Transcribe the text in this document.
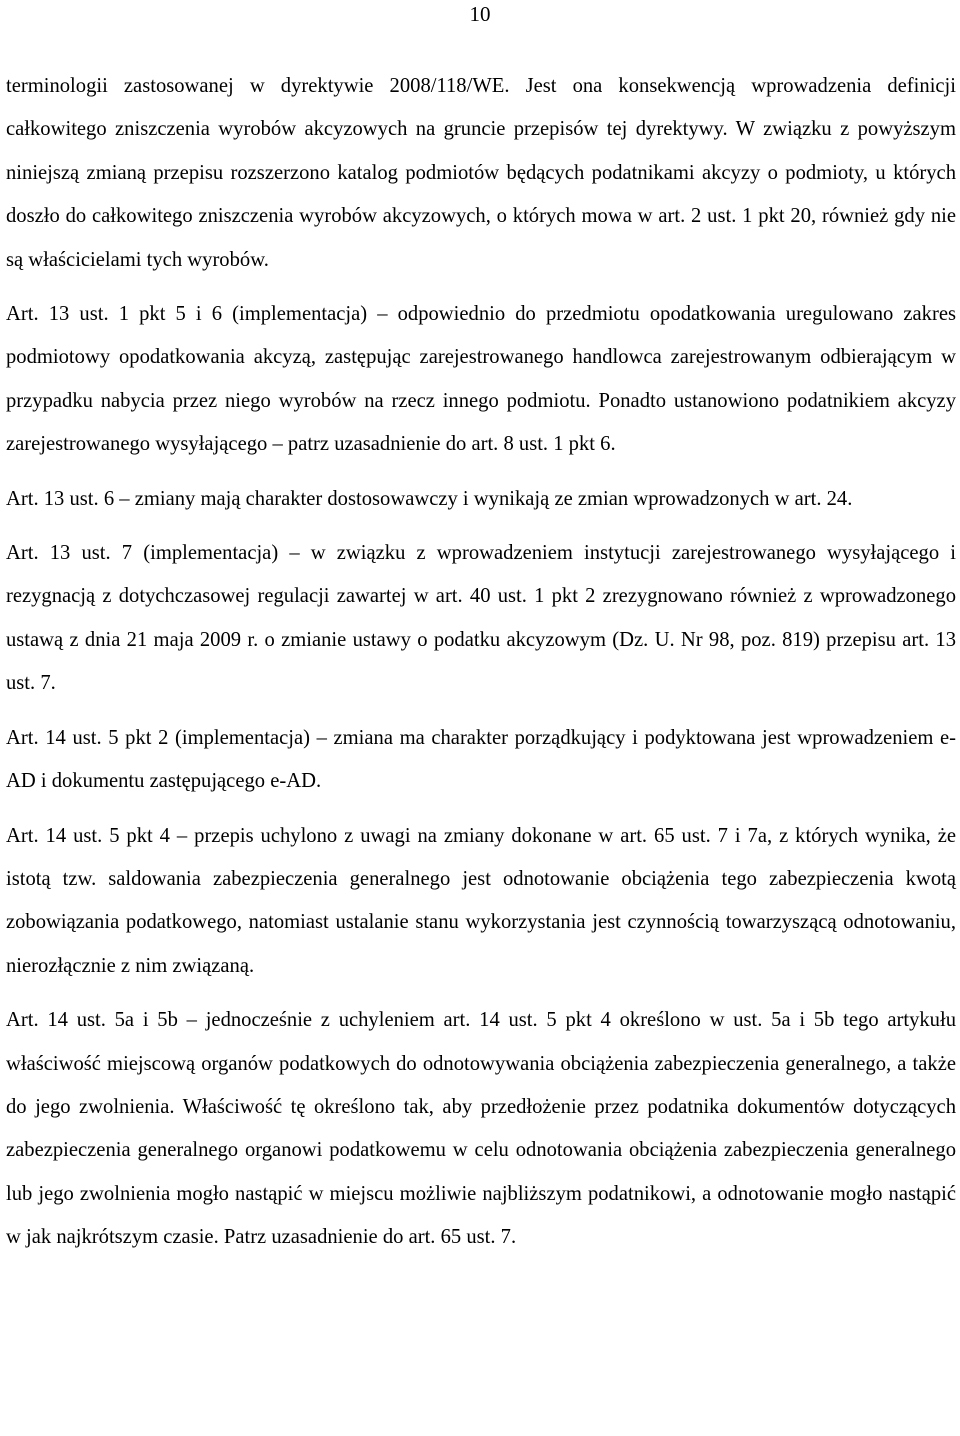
10

terminologii zastosowanej w dyrektywie 2008/118/WE. Jest ona konsekwencją wprowadzenia definicji całkowitego zniszczenia wyrobów akcyzowych na gruncie przepisów tej dyrektywy. W związku z powyższym niniejszą zmianą przepisu rozszerzono katalog podmiotów będących podatnikami akcyzy o podmioty, u których doszło do całkowitego zniszczenia wyrobów akcyzowych, o których mowa w art. 2 ust. 1 pkt 20, również gdy nie są właścicielami tych wyrobów.

Art. 13 ust. 1 pkt 5 i 6 (implementacja) – odpowiednio do przedmiotu opodatkowania uregulowano zakres podmiotowy opodatkowania akcyzą, zastępując zarejestrowanego handlowca zarejestrowanym odbierającym w przypadku nabycia przez niego wyrobów na rzecz innego podmiotu. Ponadto ustanowiono podatnikiem akcyzy zarejestrowanego wysyłającego – patrz uzasadnienie do art. 8 ust. 1 pkt 6.

Art. 13 ust. 6 – zmiany mają charakter dostosowawczy i wynikają ze zmian wprowadzonych w art. 24.

Art. 13 ust. 7 (implementacja) – w związku z wprowadzeniem instytucji zarejestrowanego wysyłającego i rezygnacją z dotychczasowej regulacji zawartej w art. 40 ust. 1 pkt 2 zrezygnowano również z wprowadzonego ustawą z dnia 21 maja 2009 r. o zmianie ustawy o podatku akcyzowym (Dz. U. Nr 98, poz. 819) przepisu art. 13 ust. 7.

Art. 14 ust. 5 pkt 2 (implementacja) – zmiana ma charakter porządkujący i podyktowana jest wprowadzeniem e-AD i dokumentu zastępującego e-AD.

Art. 14 ust. 5 pkt 4 – przepis uchylono z uwagi na zmiany dokonane w art. 65 ust. 7 i 7a, z których wynika, że istotą tzw. saldowania zabezpieczenia generalnego jest odnotowanie obciążenia tego zabezpieczenia kwotą zobowiązania podatkowego, natomiast ustalanie stanu wykorzystania jest czynnością towarzyszącą odnotowaniu, nierozłącznie z nim związaną.

Art. 14 ust. 5a i 5b – jednocześnie z uchyleniem art. 14 ust. 5 pkt 4 określono w ust. 5a i 5b tego artykułu właściwość miejscową organów podatkowych do odnotowywania obciążenia zabezpieczenia generalnego, a także do jego zwolnienia. Właściwość tę określono tak, aby przedłożenie przez podatnika dokumentów dotyczących zabezpieczenia generalnego organowi podatkowemu w celu odnotowania obciążenia zabezpieczenia generalnego lub jego zwolnienia mogło nastąpić w miejscu możliwie najbliższym podatnikowi, a odnotowanie mogło nastąpić w jak najkrótszym czasie. Patrz uzasadnienie do art. 65 ust. 7.
